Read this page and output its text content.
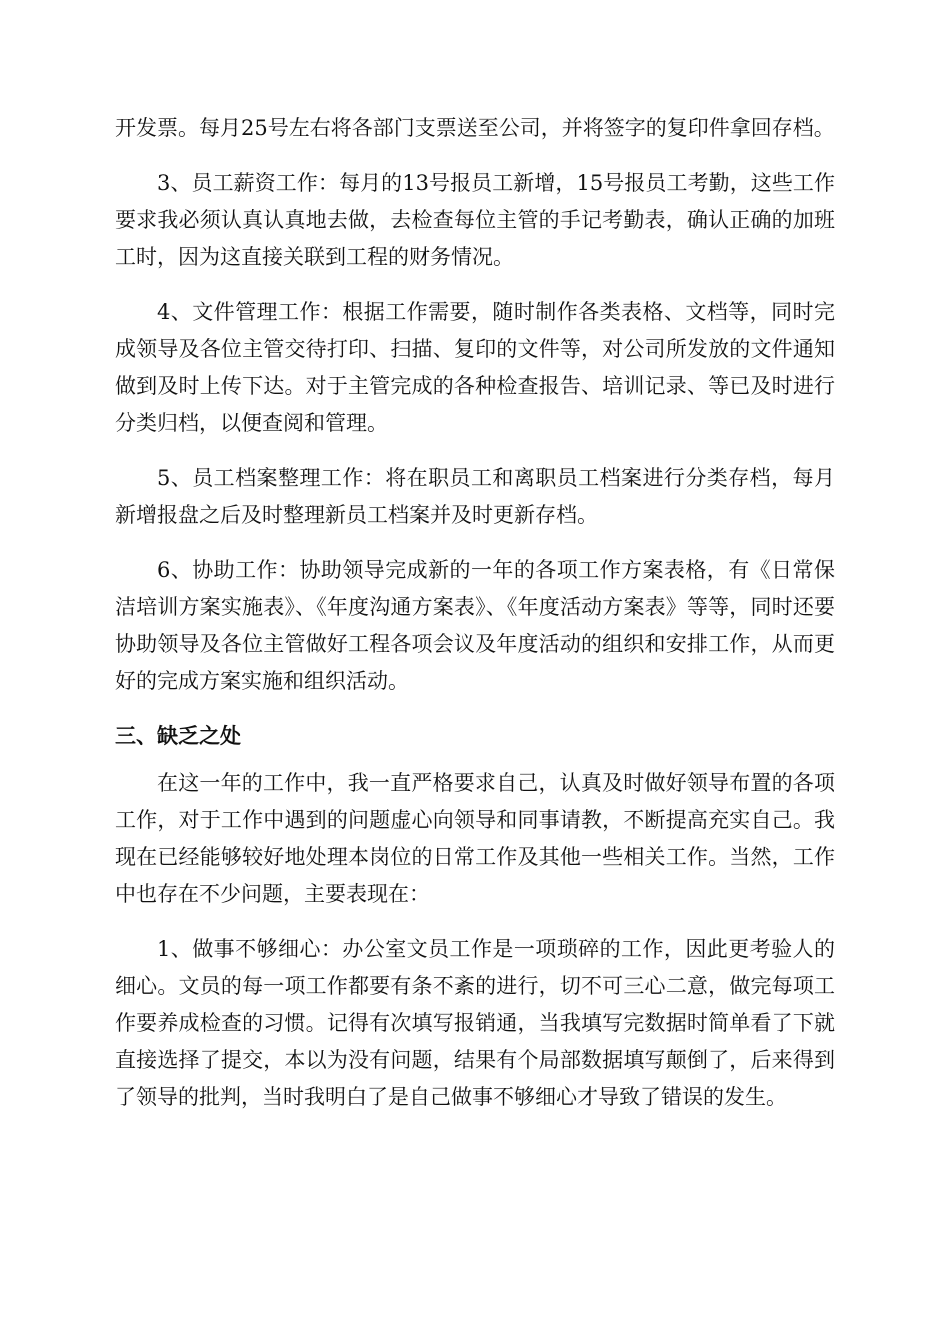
开发票。每月25号左右将各部门支票送至公司，并将签字的复印件拿回存档。

3、员工薪资工作：每月的13号报员工新增，15号报员工考勤，这些工作要求我必须认真认真地去做，去检查每位主管的手记考勤表，确认正确的加班工时，因为这直接关联到工程的财务情况。

4、文件管理工作：根据工作需要，随时制作各类表格、文档等，同时完成领导及各位主管交待打印、扫描、复印的文件等，对公司所发放的文件通知做到及时上传下达。对于主管完成的各种检查报告、培训记录、等已及时进行分类归档，以便查阅和管理。

5、员工档案整理工作：将在职员工和离职员工档案进行分类存档，每月新增报盘之后及时整理新员工档案并及时更新存档。

6、协助工作：协助领导完成新的一年的各项工作方案表格，有《日常保洁培训方案实施表》、《年度沟通方案表》、《年度活动方案表》等等，同时还要协助领导及各位主管做好工程各项会议及年度活动的组织和安排工作，从而更好的完成方案实施和组织活动。

三、缺乏之处

在这一年的工作中，我一直严格要求自己，认真及时做好领导布置的各项工作，对于工作中遇到的问题虚心向领导和同事请教，不断提高充实自己。我现在已经能够较好地处理本岗位的日常工作及其他一些相关工作。当然，工作中也存在不少问题，主要表现在：

1、做事不够细心：办公室文员工作是一项琐碎的工作，因此更考验人的细心。文员的每一项工作都要有条不紊的进行，切不可三心二意，做完每项工作要养成检查的习惯。记得有次填写报销通，当我填写完数据时简单看了下就直接选择了提交，本以为没有问题，结果有个局部数据填写颠倒了，后来得到了领导的批判，当时我明白了是自己做事不够细心才导致了错误的发生。
